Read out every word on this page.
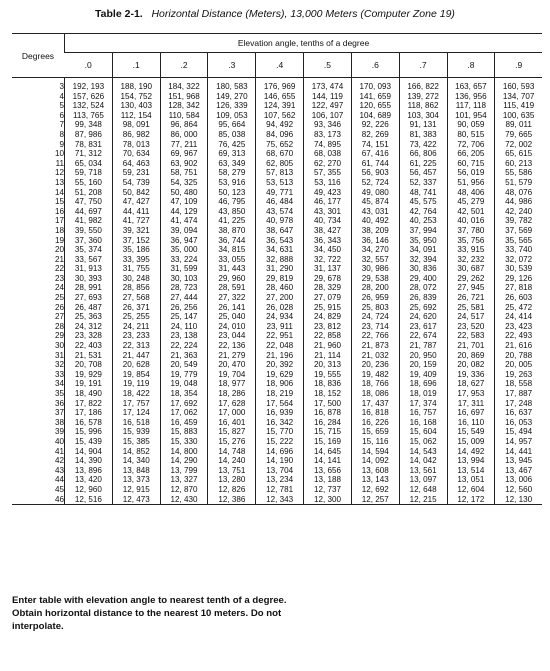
Table 2-1. Horizontal Distance (Meters), 13,000 Meters (Computer Zone 19)
Degrees	Elevation angle, tenths of a degree									
	.0	.1	.2	.3	.4	.5	.6	.7	.8	.9
3	192, 193	188, 190	184, 322	180, 583	176, 969	173, 474	170, 093	166, 822	163, 657	160, 593
4	157, 626	154, 752	151, 968	149, 270	146, 655	144, 119	141, 659	139, 272	136, 956	134, 707
5	132, 524	130, 403	128, 342	126, 339	124, 391	122, 497	120, 655	118, 862	117, 118	115, 419
6	113, 765	112, 154	110, 584	109, 053	107, 562	106, 107	104, 689	103, 304	101, 954	100, 635
7	99, 348	98, 091	96, 864	95, 664	94, 492	93, 346	92, 226	91, 131	90, 059	89, 011
8	87, 986	86, 982	86, 000	85, 038	84, 096	83, 173	82, 269	81, 383	80, 515	79, 665
9	78, 831	78, 013	77, 211	76, 425	75, 652	74, 895	74, 151	73, 422	72, 706	72, 002
10	71, 312	70, 634	69, 967	69, 313	68, 670	68, 038	67, 416	66, 806	66, 205	65, 615
11	65, 034	64, 463	63, 902	63, 349	62, 805	62, 270	61, 744	61, 225	60, 715	60, 213
12	59, 718	59, 231	58, 751	58, 279	57, 813	57, 355	56, 903	56, 457	56, 019	55, 586
13	55, 160	54, 739	54, 325	53, 916	53, 513	53, 116	52, 724	52, 337	51, 956	51, 579
14	51, 208	50, 842	50, 480	50, 123	49, 771	49, 423	49, 080	48, 741	48, 406	48, 076
15	47, 750	47, 427	47, 109	46, 795	46, 484	46, 177	45, 874	45, 575	45, 279	44, 986
16	44, 697	44, 411	44, 129	43, 850	43, 574	43, 301	43, 031	42, 764	42, 501	42, 240
17	41, 982	41, 727	41, 474	41, 225	40, 978	40, 734	40, 492	40, 253	40, 016	39, 782
18	39, 550	39, 321	39, 094	38, 870	38, 647	38, 427	38, 209	37, 994	37, 780	37, 569
19	37, 360	37, 152	36, 947	36, 744	36, 543	36, 343	36, 146	35, 950	35, 756	35, 565
20	35, 374	35, 186	35, 000	34, 815	34, 631	34, 450	34, 270	34, 091	33, 915	33, 740
21	33, 567	33, 395	33, 224	33, 055	32, 888	32, 722	32, 557	32, 394	32, 232	32, 072
22	31, 913	31, 755	31, 599	31, 443	31, 290	31, 137	30, 986	30, 836	30, 687	30, 539
23	30, 393	30, 248	30, 103	29, 960	29, 819	29, 678	29, 538	29, 400	29, 262	29, 126
24	28, 991	28, 856	28, 723	28, 591	28, 460	28, 329	28, 200	28, 072	27, 945	27, 818
25	27, 693	27, 568	27, 444	27, 322	27, 200	27, 079	26, 959	26, 839	26, 721	26, 603
26	26, 487	26, 371	26, 256	26, 141	26, 028	25, 915	25, 803	25, 692	25, 581	25, 472
27	25, 363	25, 255	25, 147	25, 040	24, 934	24, 829	24, 724	24, 620	24, 517	24, 414
28	24, 312	24, 211	24, 110	24, 010	23, 911	23, 812	23, 714	23, 617	23, 520	23, 423
29	23, 328	23, 233	23, 138	23, 044	22, 951	22, 858	22, 766	22, 674	22, 583	22, 493
30	22, 403	22, 313	22, 224	22, 136	22, 048	21, 960	21, 873	21, 787	21, 701	21, 616
31	21, 531	21, 447	21, 363	21, 279	21, 196	21, 114	21, 032	20, 950	20, 869	20, 788
32	20, 708	20, 628	20, 549	20, 470	20, 392	20, 313	20, 236	20, 159	20, 082	20, 005
33	19, 929	19, 854	19, 779	19, 704	19, 629	19, 555	19, 482	19, 409	19, 336	19, 263
34	19, 191	19, 119	19, 048	18, 977	18, 906	18, 836	18, 766	18, 696	18, 627	18, 558
35	18, 490	18, 422	18, 354	18, 286	18, 219	18, 152	18, 086	18, 019	17, 953	17, 887
36	17, 822	17, 757	17, 692	17, 628	17, 564	17, 500	17, 437	17, 374	17, 311	17, 248
37	17, 186	17, 124	17, 062	17, 000	16, 939	16, 878	16, 818	16, 757	16, 697	16, 637
38	16, 578	16, 518	16, 459	16, 401	16, 342	16, 284	16, 226	16, 168	16, 110	16, 053
39	15, 996	15, 939	15, 883	15, 827	15, 770	15, 715	15, 659	15, 604	15, 549	15, 494
40	15, 439	15, 385	15, 330	15, 276	15, 222	15, 169	15, 116	15, 062	15, 009	14, 957
41	14, 904	14, 852	14, 800	14, 748	14, 696	14, 645	14, 594	14, 543	14, 492	14, 441
42	14, 390	14, 340	14, 290	14, 240	14, 190	14, 141	14, 092	14, 042	13, 994	13, 945
43	13, 896	13, 848	13, 799	13, 751	13, 704	13, 656	13, 608	13, 561	13, 514	13, 467
44	13, 420	13, 373	13, 327	13, 280	13, 234	13, 188	13, 143	13, 097	13, 051	13, 006
45	12, 960	12, 915	12, 870	12, 826	12, 781	12, 737	12, 692	12, 648	12, 604	12, 560
46	12, 516	12, 473	12, 430	12, 386	12, 343	12, 300	12, 257	12, 215	12, 172	12, 130
Enter table with elevation angle to nearest tenth of a degree. Obtain horizontal distance to the nearest 10 meters. Do not interpolate.
